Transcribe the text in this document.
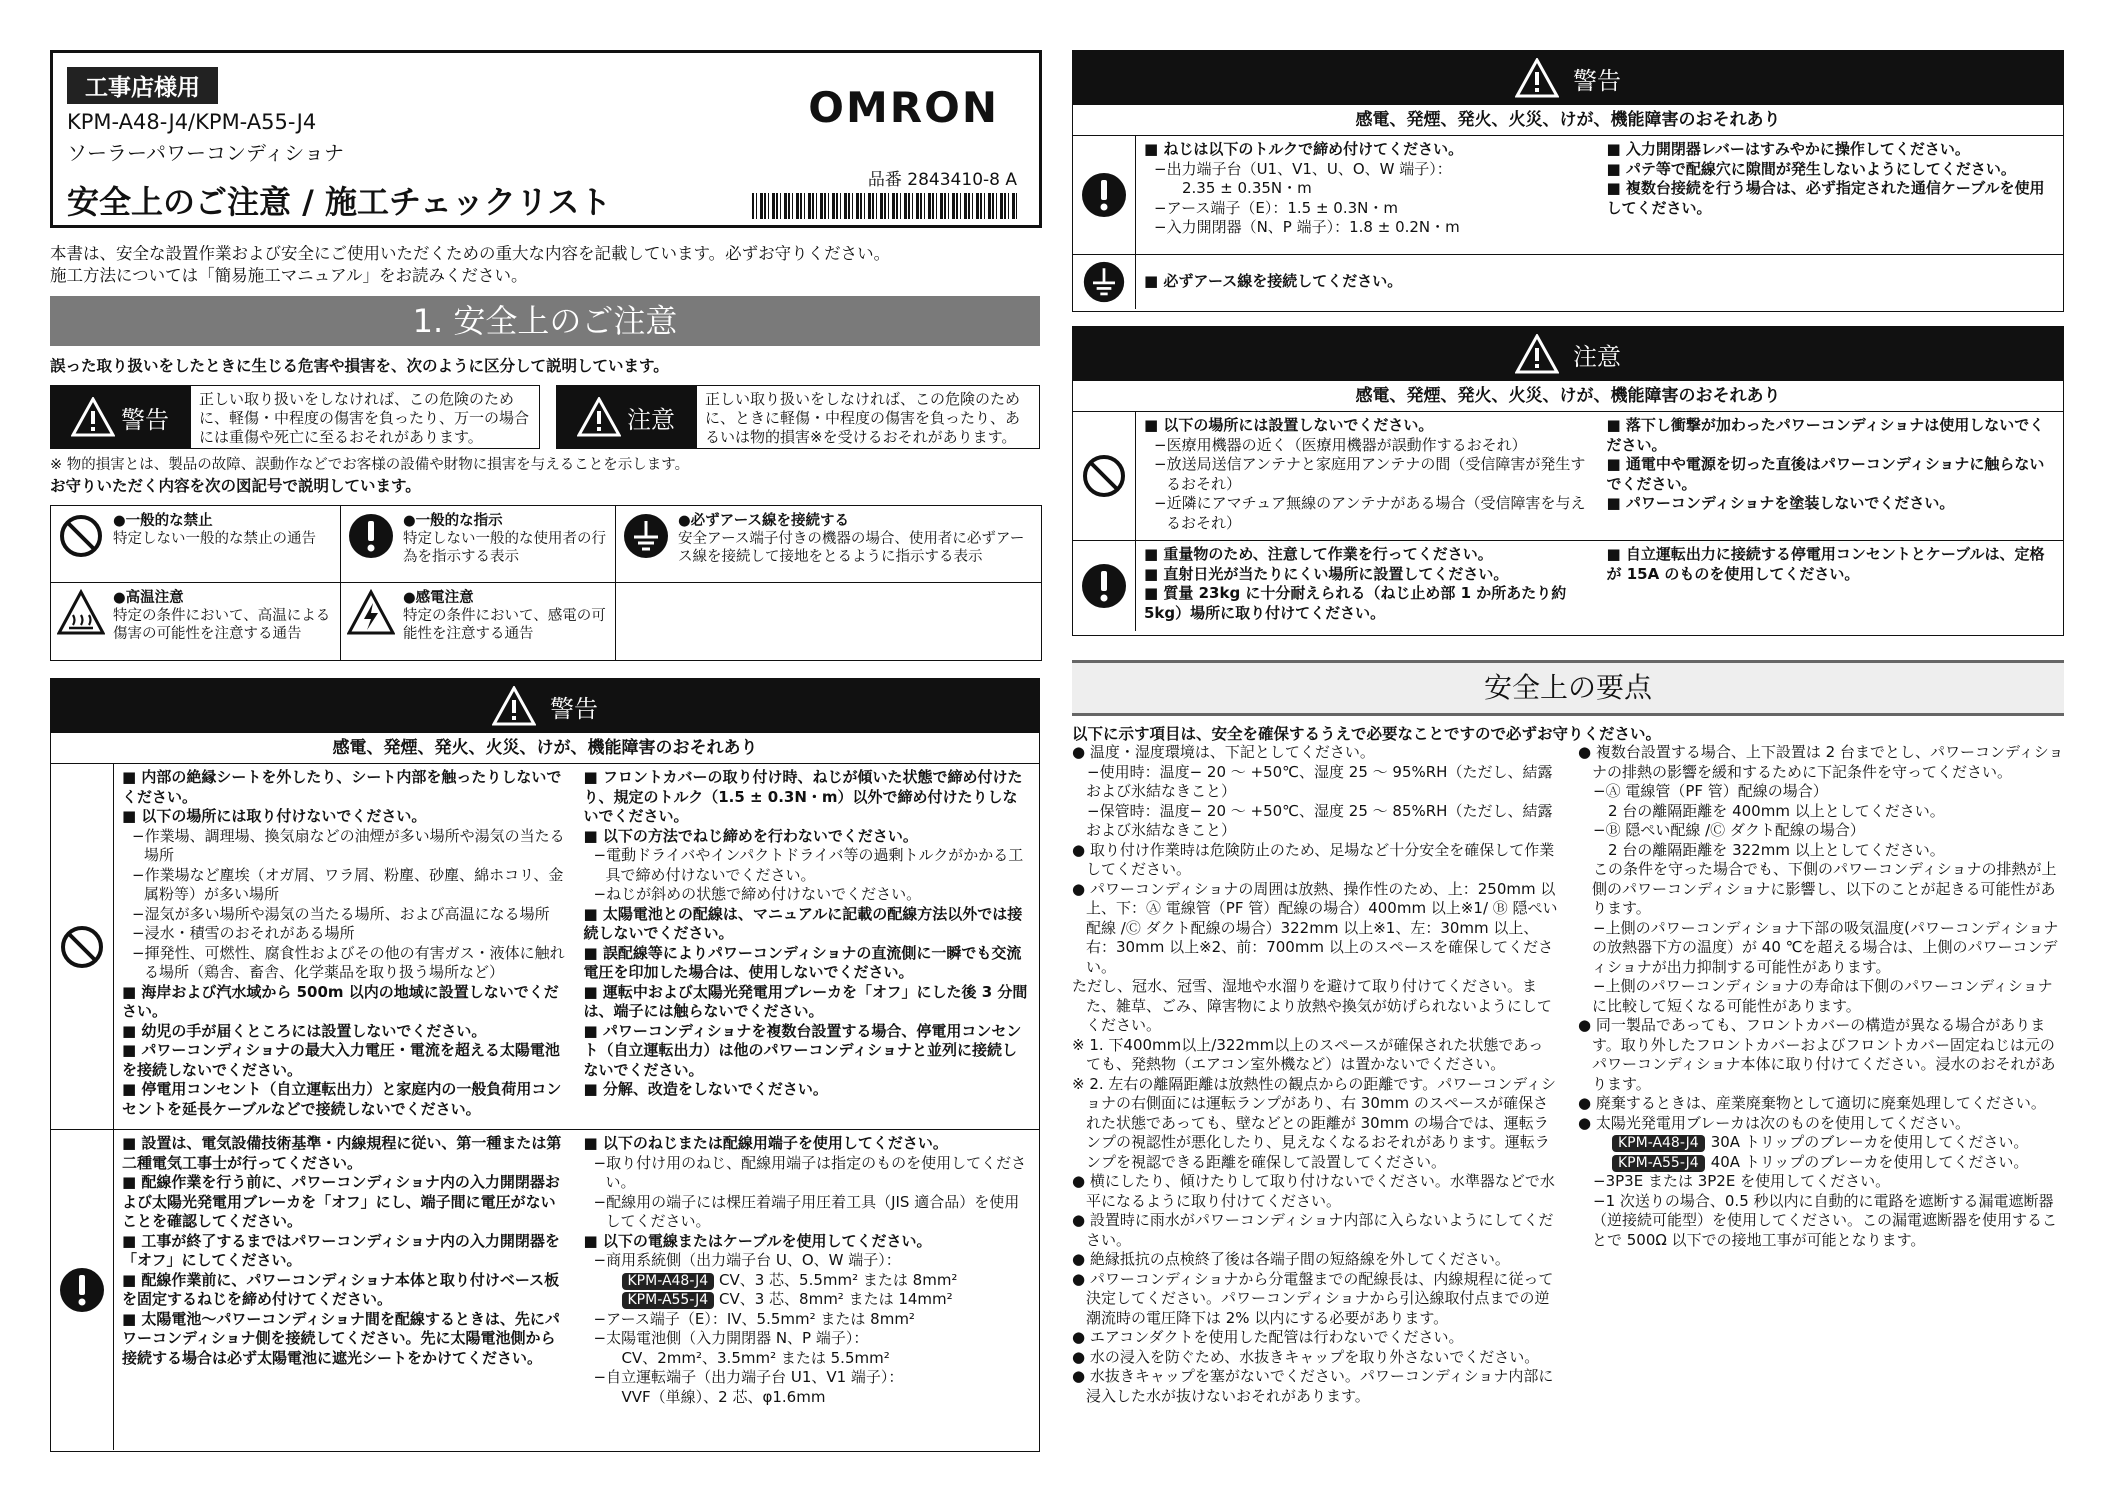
工事店様用
KPM-A48-J4/KPM-A55-J4
ソーラーパワーコンディショナ
安全上のご注意 / 施工チェックリスト
OMRON
品番 2843410-8 A
本書は、安全な設置作業および安全にご使用いただくための重大な内容を記載しています。必ずお守りください。
施工方法については「簡易施工マニュアル」をお読みください。
1. 安全上のご注意
誤った取り扱いをしたときに生じる危害や損害を、次のように区分して説明しています。
警告
正しい取り扱いをしなければ、この危険のために、軽傷・中程度の傷害を負ったり、万一の場合には重傷や死亡に至るおそれがあります。
注意
正しい取り扱いをしなければ、この危険のために、ときに軽傷・中程度の傷害を負ったり、あるいは物的損害※を受けるおそれがあります。
※ 物的損害とは、製品の故障、誤動作などでお客様の設備や財物に損害を与えることを示します。
お守りいただく内容を次の図記号で説明しています。
●一般的な禁止
特定しない一般的な禁止の通告
●一般的な指示
特定しない一般的な使用者の行為を指示する表示
●必ずアース線を接続する
安全アース端子付きの機器の場合、使用者に必ずアース線を接続して接地をとるように指示する表示
●高温注意
特定の条件において、高温による傷害の可能性を注意する通告
●感電注意
特定の条件において、感電の可能性を注意する通告
警告
感電、発煙、発火、火災、けが、機能障害のおそれあり
■ 内部の絶縁シートを外したり、シート内部を触ったりしないでください。
■ 以下の場所には取り付けないでください。
−作業場、調理場、換気扇などの油煙が多い場所や湯気の当たる場所
−作業場など塵埃（オガ屑、ワラ屑、粉塵、砂塵、綿ホコリ、金属粉等）が多い場所
−湿気が多い場所や湯気の当たる場所、および高温になる場所
−浸水・積雪のおそれがある場所
−揮発性、可燃性、腐食性およびその他の有害ガス・液体に触れる場所（鶏舎、畜舎、化学薬品を取り扱う場所など）
■ 海岸および汽水域から 500m 以内の地域に設置しないでください。
■ 幼児の手が届くところには設置しないでください。
■ パワーコンディショナの最大入力電圧・電流を超える太陽電池を接続しないでください。
■ 停電用コンセント（自立運転出力）と家庭内の一般負荷用コンセントを延長ケーブルなどで接続しないでください。
■ フロントカバーの取り付け時、ねじが傾いた状態で締め付けたり、規定のトルク（1.5 ± 0.3N・m）以外で締め付けたりしないでください。
■ 以下の方法でねじ締めを行わないでください。
−電動ドライバやインパクトドライバ等の過剰トルクがかかる工具で締め付けないでください。
−ねじが斜めの状態で締め付けないでください。
■ 太陽電池との配線は、マニュアルに記載の配線方法以外では接続しないでください。
■ 誤配線等によりパワーコンディショナの直流側に一瞬でも交流電圧を印加した場合は、使用しないでください。
■ 運転中および太陽光発電用ブレーカを「オフ」にした後 3 分間は、端子には触らないでください。
■ パワーコンディショナを複数台設置する場合、停電用コンセント（自立運転出力）は他のパワーコンディショナと並列に接続しないでください。
■ 分解、改造をしないでください。
■ 設置は、電気設備技術基準・内線規程に従い、第一種または第二種電気工事士が行ってください。
■ 配線作業を行う前に、パワーコンディショナ内の入力開閉器および太陽光発電用ブレーカを「オフ」にし、端子間に電圧がないことを確認してください。
■ 工事が終了するまではパワーコンディショナ内の入力開閉器を「オフ」にしてください。
■ 配線作業前に、パワーコンディショナ本体と取り付けベース板を固定するねじを締め付けてください。
■ 太陽電池〜パワーコンディショナ間を配線するときは、先にパワーコンディショナ側を接続してください。先に太陽電池側から接続する場合は必ず太陽電池に遮光シートをかけてください。
■ 以下のねじまたは配線用端子を使用してください。
−取り付け用のねじ、配線用端子は指定のものを使用してください。
−配線用の端子には棵圧着端子用圧着工具（JIS 適合品）を使用してください。
■ 以下の電線またはケーブルを使用してください。
−商用系統側（出力端子台 U、O、W 端子）：
KPM-A48-J4 CV、3 芯、5.5mm² または 8mm²
KPM-A55-J4 CV、3 芯、8mm² または 14mm²
−アース端子（E）：IV、5.5mm² または 8mm²
−太陽電池側（入力開閉器 N、P 端子）：
CV、2mm²、3.5mm² または 5.5mm²
−自立運転端子（出力端子台 U1、V1 端子）：
VVF（単線）、2 芯、φ1.6mm
警告
感電、発煙、発火、火災、けが、機能障害のおそれあり
■ ねじは以下のトルクで締め付けてください。
−出力端子台（U1、V1、U、O、W 端子）：
2.35 ± 0.35N・m
−アース端子（E）：1.5 ± 0.3N・m
−入力開閉器（N、P 端子）：1.8 ± 0.2N・m
■ 入力開閉器レバーはすみやかに操作してください。
■ パテ等で配線穴に隙間が発生しないようにしてください。
■ 複数台接続を行う場合は、必ず指定された通信ケーブルを使用してください。
■ 必ずアース線を接続してください。
注意
感電、発煙、発火、火災、けが、機能障害のおそれあり
■ 以下の場所には設置しないでください。
−医療用機器の近く（医療用機器が誤動作するおそれ）
−放送局送信アンテナと家庭用アンテナの間（受信障害が発生するおそれ）
−近隣にアマチュア無線のアンテナがある場合（受信障害を与えるおそれ）
■ 落下し衝撃が加わったパワーコンディショナは使用しないでください。
■ 通電中や電源を切った直後はパワーコンディショナに触らないでください。
■ パワーコンディショナを塗装しないでください。
■ 重量物のため、注意して作業を行ってください。
■ 直射日光が当たりにくい場所に設置してください。
■ 質量 23kg に十分耐えられる（ねじ止め部 1 か所あたり約 5kg）場所に取り付けてください。
■ 自立運転出力に接続する停電用コンセントとケーブルは、定格が 15A のものを使用してください。
安全上の要点
以下に示す項目は、安全を確保するうえで必要なことですので必ずお守りください。
● 温度・湿度環境は、下記としてください。
　−使用時：温度− 20 〜 +50℃、湿度 25 〜 95%RH（ただし、結露および氷結なきこと）
　−保管時：温度− 20 〜 +50℃、湿度 25 〜 85%RH（ただし、結露および氷結なきこと）
● 取り付け作業時は危険防止のため、足場など十分安全を確保して作業してください。
● パワーコンディショナの周囲は放熱、操作性のため、上：250mm 以上、下：Ⓐ 電線管（PF 管）配線の場合）400mm 以上※1/ Ⓑ 隠ぺい配線 /Ⓒ ダクト配線の場合）322mm 以上※1、左：30mm 以上、右：30mm 以上※2、前：700mm 以上のスペースを確保してください。
ただし、冠水、冠雪、湿地や水溜りを避けて取り付けてください。また、雑草、ごみ、障害物により放熱や換気が妨げられないようにしてください。
※ 1. 下400mm以上/322mm以上のスペースが確保された状態であっても、発熱物（エアコン室外機など）は置かないでください。
※ 2. 左右の離隔距離は放熱性の観点からの距離です。パワーコンディショナの右側面には運転ランプがあり、右 30mm のスペースが確保された状態であっても、壁などとの距離が 30mm の場合では、運転ランプの視認性が悪化したり、見えなくなるおそれがあります。運転ランプを視認できる距離を確保して設置してください。
● 横にしたり、傾けたりして取り付けないでください。水準器などで水平になるように取り付けてください。
● 設置時に雨水がパワーコンディショナ内部に入らないようにしてください。
● 絶縁抵抗の点検終了後は各端子間の短絡線を外してください。
● パワーコンディショナから分電盤までの配線長は、内線規程に従って決定してください。パワーコンディショナから引込線取付点までの逆潮流時の電圧降下は 2% 以内にする必要があります。
● エアコンダクトを使用した配管は行わないでください。
● 水の浸入を防ぐため、水抜きキャップを取り外さないでください。
● 水抜きキャップを塞がないでください。パワーコンディショナ内部に浸入した水が抜けないおそれがあります。
● 複数台設置する場合、上下設置は 2 台までとし、パワーコンディショナの排熱の影響を緩和するために下記条件を守ってください。
　−Ⓐ 電線管（PF 管）配線の場合）
　　2 台の離隔距離を 400mm 以上としてください。
　−Ⓑ 隠ぺい配線 /Ⓒ ダクト配線の場合）
　　2 台の離隔距離を 322mm 以上としてください。
　この条件を守った場合でも、下側のパワーコンディショナの排熱が上側のパワーコンディショナに影響し、以下のことが起きる可能性があります。
　−上側のパワーコンディショナ下部の吸気温度(パワーコンディショナの放熱器下方の温度）が 40 ℃を超える場合は、上側のパワーコンディショナが出力抑制する可能性があります。
　−上側のパワーコンディショナの寿命は下側のパワーコンディショナに比較して短くなる可能性があります。
● 同一製品であっても、フロントカバーの構造が異なる場合があります。取り外したフロントカバーおよびフロントカバー固定ねじは元のパワーコンディショナ本体に取り付けてください。浸水のおそれがあります。
● 廃棄するときは、産業廃棄物として適切に廃棄処理してください。
● 太陽光発電用ブレーカは次のものを使用してください。
KPM-A48-J4 30A トリップのブレーカを使用してください。
KPM-A55-J4 40A トリップのブレーカを使用してください。
　−3P3E または 3P2E を使用してください。
　−1 次送りの場合、0.5 秒以内に自動的に電路を遮断する漏電遮断器（逆接続可能型）を使用してください。この漏電遮断器を使用することで 500Ω 以下での接地工事が可能となります。
